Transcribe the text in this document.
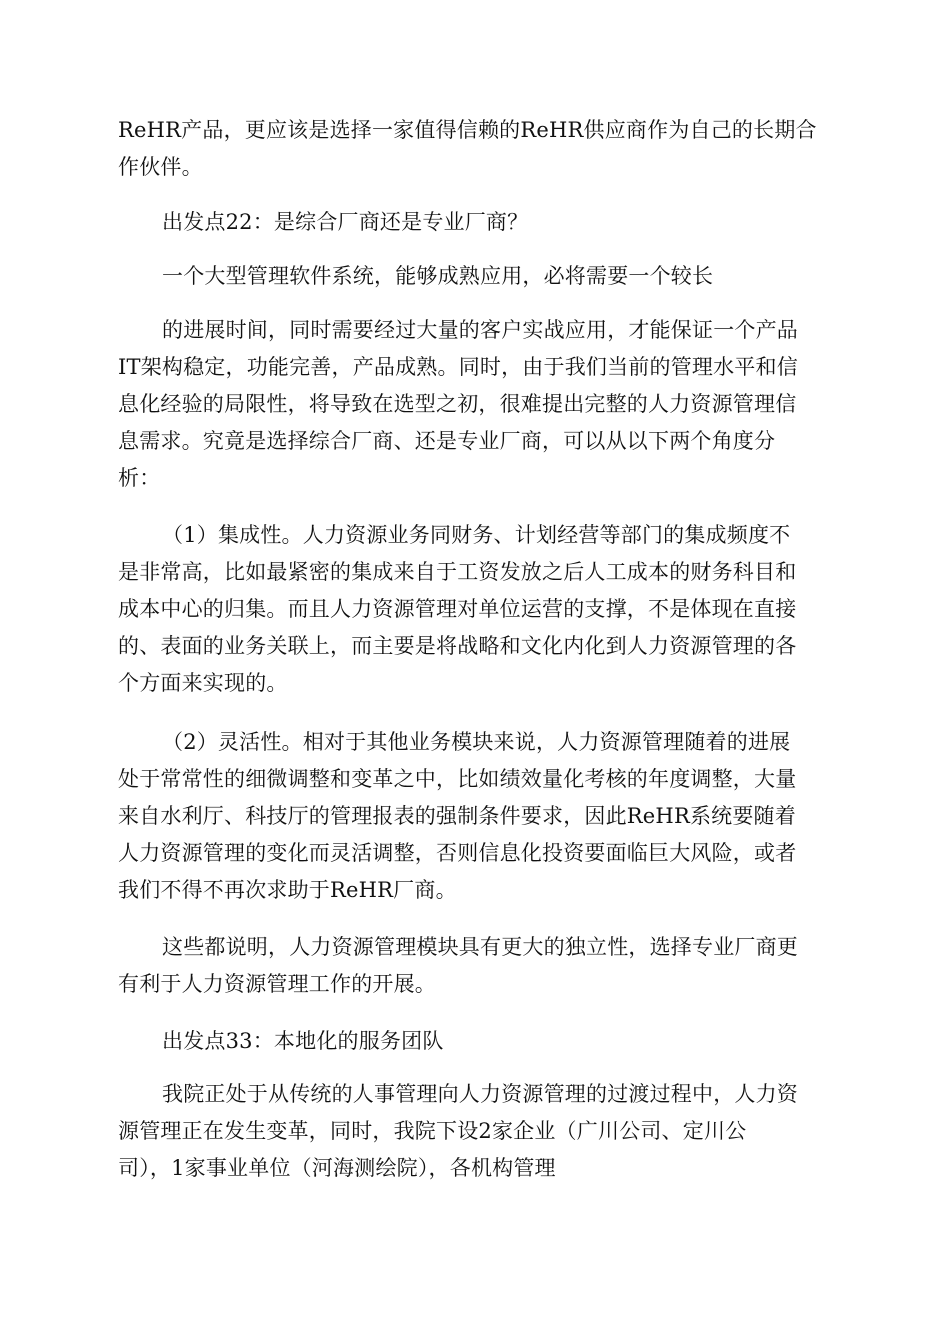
ReHR产品，更应该是选择一家值得信赖的ReHR供应商作为自己的长期合
作伙伴。
出发点22：是综合厂商还是专业厂商？
一个大型管理软件系统，能够成熟应用，必将需要一个较长
的进展时间，同时需要经过大量的客户实战应用，才能保证一个产品
IT架构稳定，功能完善，产品成熟。同时，由于我们当前的管理水平和信
息化经验的局限性，将导致在选型之初，很难提出完整的人力资源管理信
息需求。究竟是选择综合厂商、还是专业厂商，可以从以下两个角度分
析：
（1）集成性。人力资源业务同财务、计划经营等部门的集成频度不
是非常高，比如最紧密的集成来自于工资发放之后人工成本的财务科目和
成本中心的归集。而且人力资源管理对单位运营的支撑，不是体现在直接
的、表面的业务关联上，而主要是将战略和文化内化到人力资源管理的各
个方面来实现的。
（2）灵活性。相对于其他业务模块来说，人力资源管理随着的进展
处于常常性的细微调整和变革之中，比如绩效量化考核的年度调整，大量
来自水利厅、科技厅的管理报表的强制条件要求，因此ReHR系统要随着
人力资源管理的变化而灵活调整，否则信息化投资要面临巨大风险，或者
我们不得不再次求助于ReHR厂商。
这些都说明，人力资源管理模块具有更大的独立性，选择专业厂商更
有利于人力资源管理工作的开展。
出发点33：本地化的服务团队
我院正处于从传统的人事管理向人力资源管理的过渡过程中，人力资
源管理正在发生变革，同时，我院下设2家企业（广川公司、定川公
司），1家事业单位（河海测绘院），各机构管理
